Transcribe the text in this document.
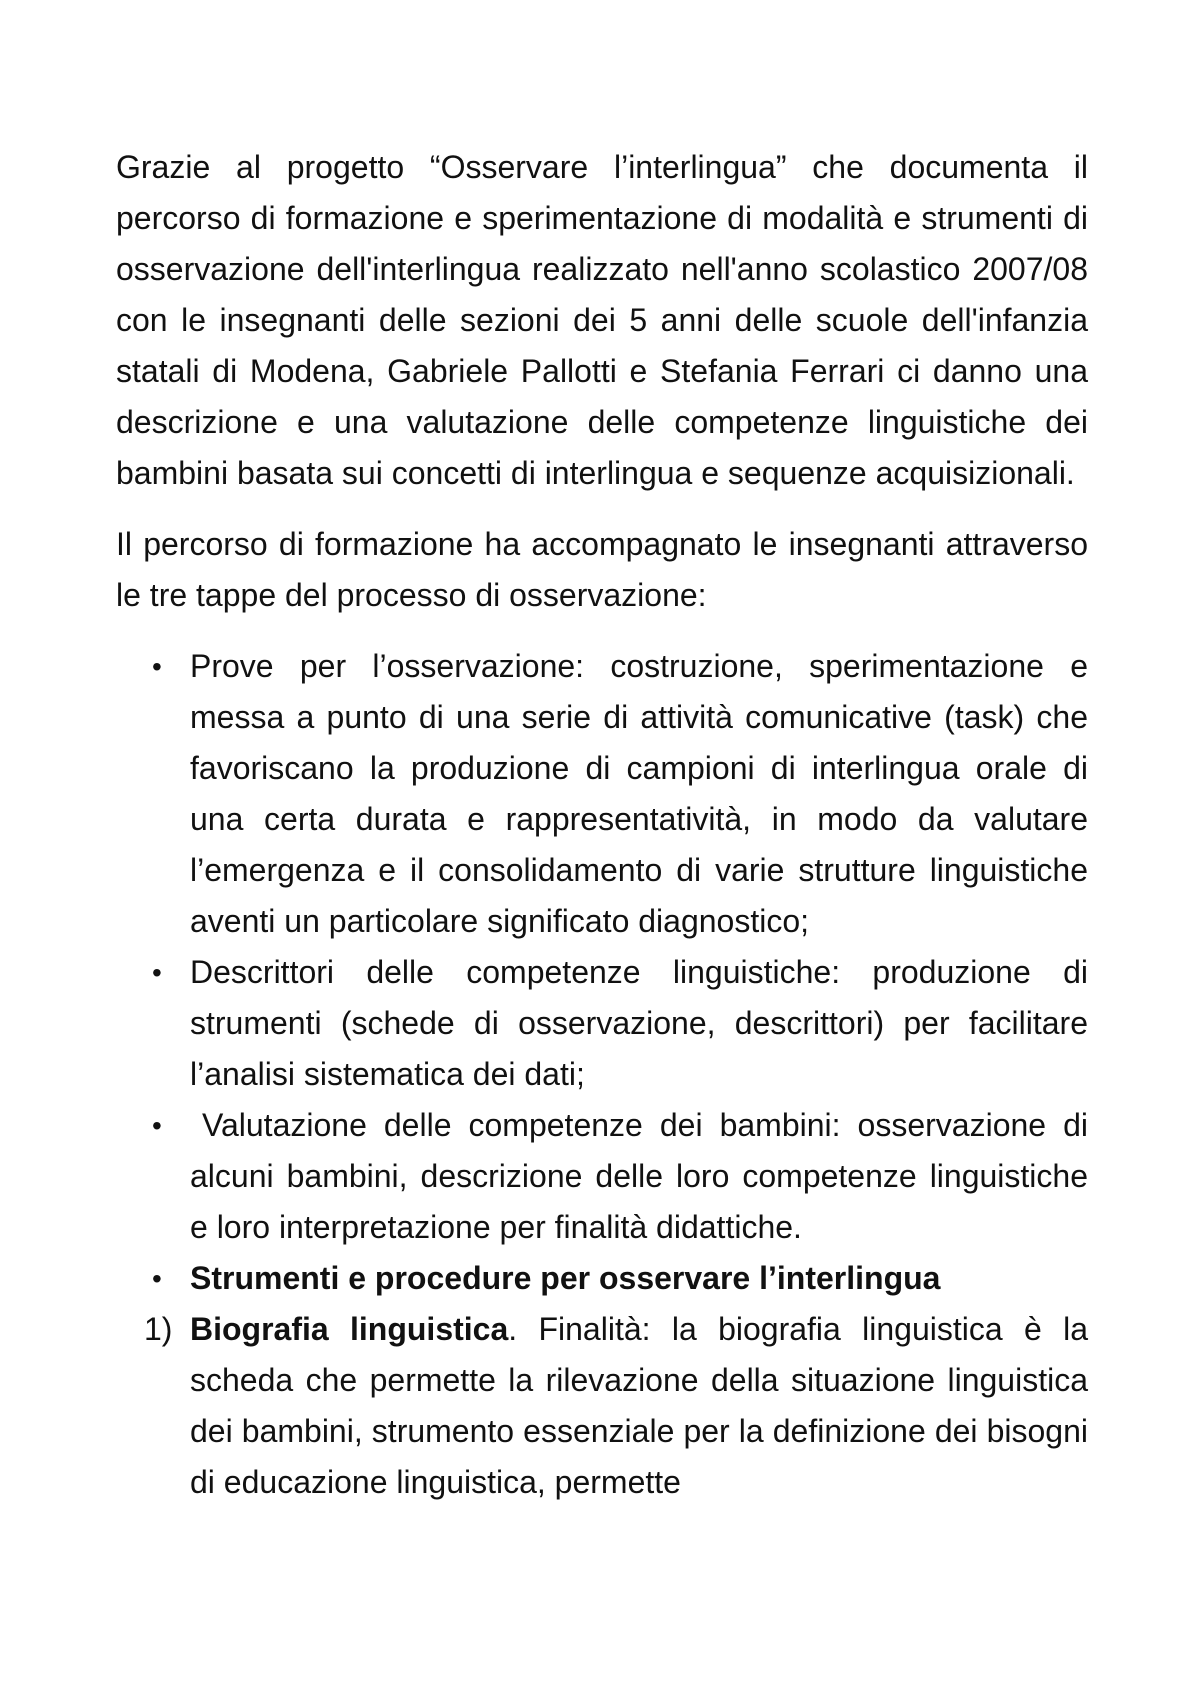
Grazie al progetto “Osservare l’interlingua” che documenta il percorso di formazione e sperimentazione di modalità e strumenti di osservazione dell'interlingua realizzato nell'anno scolastico 2007/08 con le insegnanti delle sezioni dei 5 anni delle scuole dell'infanzia statali di Modena, Gabriele Pallotti e Stefania Ferrari ci danno una descrizione e una valutazione delle competenze linguistiche dei bambini basata sui concetti di interlingua e sequenze acquisizionali.

Il percorso di formazione ha accompagnato le insegnanti attraverso le tre tappe del processo di osservazione:

• Prove per l’osservazione: costruzione, sperimentazione e messa a punto di una serie di attività comunicative (task) che favoriscano la produzione di campioni di interlingua orale di una certa durata e rappresentatività, in modo da valutare l’emergenza e il consolidamento di varie strutture linguistiche aventi un particolare significato diagnostico;
• Descrittori delle competenze linguistiche: produzione di strumenti (schede di osservazione, descrittori) per facilitare l’analisi sistematica dei dati;
•	Valutazione delle competenze dei bambini: osservazione di alcuni bambini, descrizione delle loro competenze linguistiche e loro interpretazione per finalità didattiche.
• Strumenti e procedure per osservare l’interlingua
1) Biografia linguistica. Finalità: la biografia linguistica è la scheda che permette la rilevazione della situazione linguistica dei bambini, strumento essenziale per la definizione dei bisogni di educazione linguistica, permette
